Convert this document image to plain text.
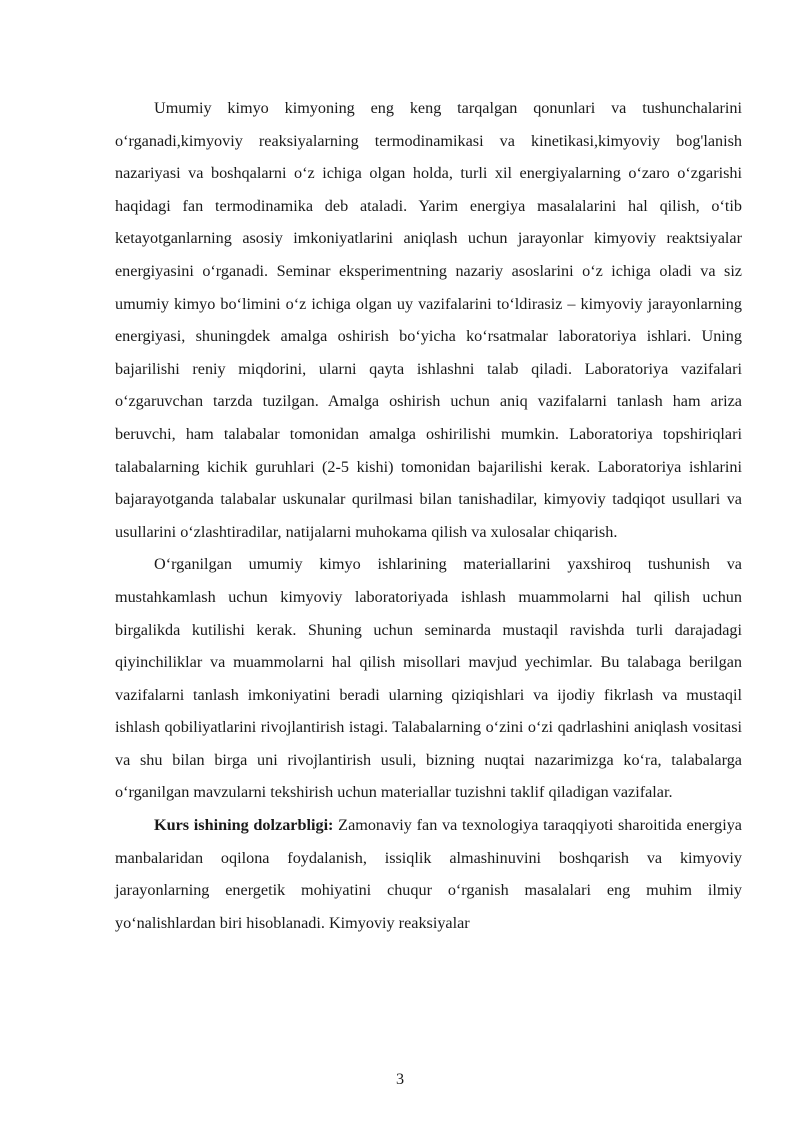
Umumiy kimyo kimyoning eng keng tarqalgan qonunlari va tushunchalarini o‘rganadi,kimyoviy reaksiyalarning termodinamikasi va kinetikasi,kimyoviy bog'lanish nazariyasi va boshqalarni o‘z ichiga olgan holda, turli xil energiyalarning o‘zaro o‘zgarishi haqidagi fan termodinamika deb ataladi. Yarim energiya masalalarini hal qilish, o‘tib ketayotganlarning asosiy imkoniyatlarini aniqlash uchun jarayonlar kimyoviy reaktsiyalar energiyasini o‘rganadi. Seminar eksperimentning nazariy asoslarini o‘z ichiga oladi va siz umumiy kimyo bo‘limini o‘z ichiga olgan uy vazifalarini to‘ldirasiz – kimyoviy jarayonlarning energiyasi, shuningdek amalga oshirish bo‘yicha ko‘rsatmalar laboratoriya ishlari. Uning bajarilishi reniy miqdorini, ularni qayta ishlashni talab qiladi. Laboratoriya vazifalari o‘zgaruvchan tarzda tuzilgan. Amalga oshirish uchun aniq vazifalarni tanlash ham ariza beruvchi, ham talabalar tomonidan amalga oshirilishi mumkin. Laboratoriya topshiriqlari talabalarning kichik guruhlari (2-5 kishi) tomonidan bajarilishi kerak. Laboratoriya ishlarini bajarayotganda talabalar uskunalar qurilmasi bilan tanishadilar, kimyoviy tadqiqot usullari va usullarini o‘zlashtiradilar, natijalarni muhokama qilish va xulosalar chiqarish.

O‘rganilgan umumiy kimyo ishlarining materiallarini yaxshiroq tushunish va mustahkamlash uchun kimyoviy laboratoriyada ishlash muammolarni hal qilish uchun birgalikda kutilishi kerak. Shuning uchun seminarda mustaqil ravishda turli darajadagi qiyinchiliklar va muammolarni hal qilish misollari mavjud yechimlar. Bu talabaga berilgan vazifalarni tanlash imkoniyatini beradi ularning qiziqishlari va ijodiy fikrlash va mustaqil ishlash qobiliyatlarini rivojlantirish istagi. Talabalarning o‘zini o‘zi qadrlashini aniqlash vositasi va shu bilan birga uni rivojlantirish usuli, bizning nuqtai nazarimizga ko‘ra, talabalarga o‘rganilgan mavzularni tekshirish uchun materiallar tuzishni taklif qiladigan vazifalar.

Kurs ishining dolzarbligi: Zamonaviy fan va texnologiya taraqqiyoti sharoitida energiya manbalaridan oqilona foydalanish, issiqlik almashinuvini boshqarish va kimyoviy jarayonlarning energetik mohiyatini chuqur o‘rganish masalalari eng muhim ilmiy yo‘nalishlardan biri hisoblanadi. Kimyoviy reaksiyalar

3
